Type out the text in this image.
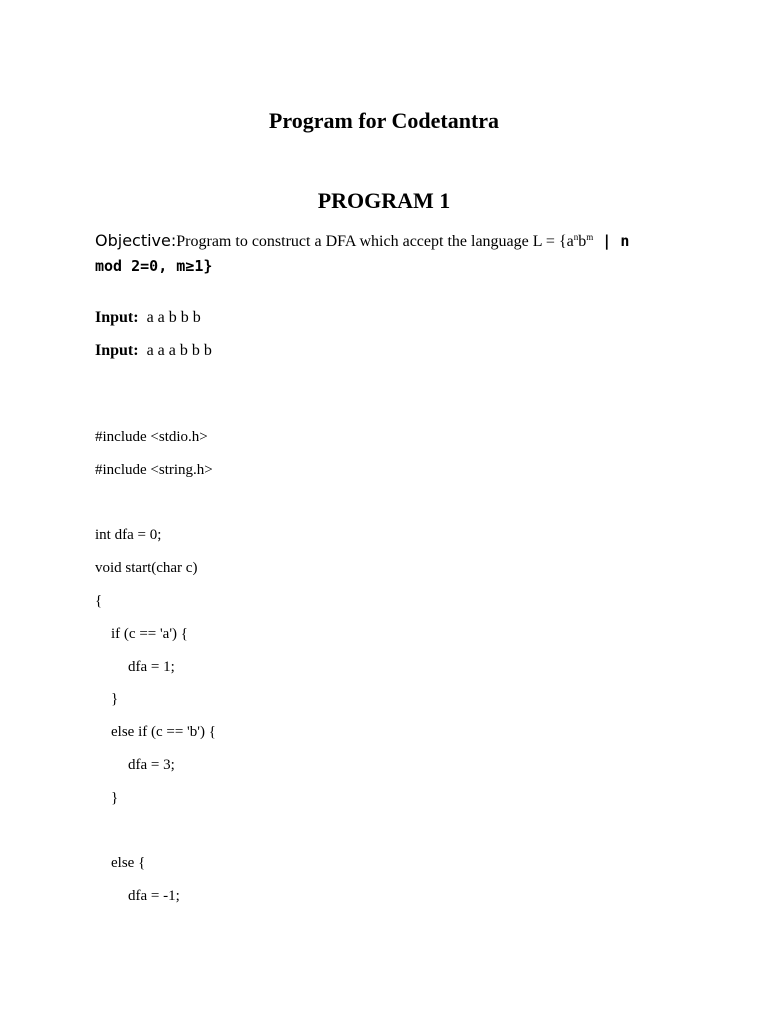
Program for Codetantra
PROGRAM 1
Objective:Program to construct a DFA which accept the language $L = \{a^nb^m$ | n
mod 2=0, m≥1}
Input: a a b b b
Input: a a a b b b
#include <stdio.h>
#include <string.h>
int dfa = 0;
void start(char c)
{
if (c == 'a') {
dfa = 1;
}
else if (c == 'b') {
dfa = 3;
}
else {
dfa = -1;
